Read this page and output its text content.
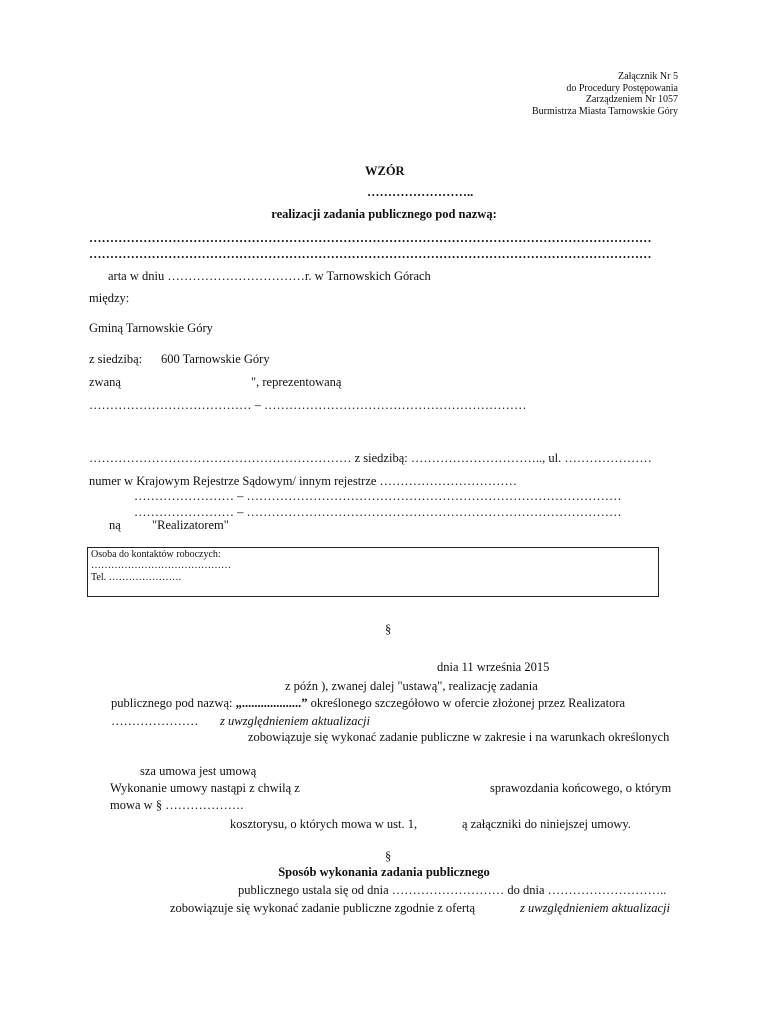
Załącznik Nr 5
do Procedury Postępowania
Zarządzeniem Nr 1057
Burmistrza Miasta Tarnowskie Góry
WZÓR
……………………..
realizacji zadania publicznego pod nazwą:
………………………………………………………………………………………………………………………
………………………………………………………………………………………………………………………
arta w dniu ……………………………r. w Tarnowskich Górach
między:
Gminą Tarnowskie Góry
z siedzibą: 600 Tarnowskie Góry
zwaną	", reprezentowaną
………………………………… – ………………………………………………………
……………………………………………………… z siedzibą: ………………………….., ul. …………………
numer w Krajowym Rejestrze Sądowym/ innym rejestrze ……………………………
…………………… – ………………………………………………………………………………
…………………… – ………………………………………………………………………………
ną "Realizatorem"
Osoba do kontaktów roboczych:
……………………………………
Tel. ………………….
§
dnia 11 września 2015
z późn ), zwanej dalej "ustawą", realizację zadania
publicznego pod nazwą: „...................” określonego szczegółowo w ofercie złożonej przez Realizatora
………………… z uwzględnieniem aktualizacji
zobowiązuje się wykonać zadanie publiczne w zakresie i na warunkach określonych
sza umowa jest umową
Wykonanie umowy nastąpi z chwilą z	sprawozdania końcowego, o którym
mowa w § ……………….
kosztorysu, o których mowa w ust. 1,	ą załączniki do niniejszej umowy.
§
Sposób wykonania zadania publicznego
publicznego ustala się od dnia ……………………… do dnia ………………………..
zobowiązuje się wykonać zadanie publiczne zgodnie z ofertą	z uwzględnieniem aktualizacji
